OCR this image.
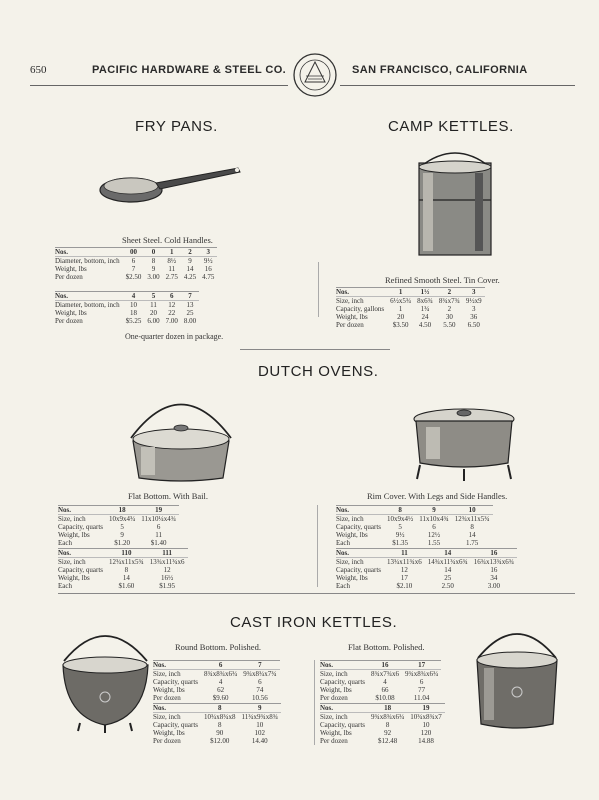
650	PACIFIC HARDWARE & STEEL CO.	SAN FRANCISCO, CALIFORNIA
FRY PANS.
Sheet Steel. Cold Handles.
Nos.	00	0	1	2	3
Diameter, bottom, inch	6	8	8½	9	9½
Weight, lbs	7	9	11	14	16
Per dozen	$2.50	3.00	2.75	4.25	4.75
Nos.	4	5	6	7
Diameter, bottom, inch	10	11	12	13
Weight, lbs	18	20	22	25
Per dozen	$5.25	6.00	7.00	8.00
One-quarter dozen in package.
CAMP KETTLES.
Refined Smooth Steel. Tin Cover.
Nos.	1	1½	2	3
Size, inch	6½x5¾	8x6¾	8¾x7¾	9½x9
Capacity, gallons	1	1¾	2	3
Weight, lbs	20	24	30	36
Per dozen	$3.50	4.50	5.50	6.50
DUTCH OVENS.
Flat Bottom. With Bail.	Rim Cover. With Legs and Side Handles.
Nos.	18	19
Size, inch	10x9x4¾	11x10¼x4¾
Capacity, quarts	5	6
Weight, lbs	9	11
Each	$1.20	$1.40
Nos.	110	111
Size, inch	12¾x11x5¾	13¾x11¾x6
Capacity, quarts	8	12
Weight, lbs	14	16½
Each	$1.60	$1.95
Nos.	8	9	10
Size, inch	10x9x4½	11x10x4¾	12¾x11x5¾
Capacity, quarts	5	6	8
Weight, lbs	9½	12½	14
Each	$1.35	1.55	1.75
Nos.	11	14	16
Size, inch	13¾x11¾x6	14¾x11¾x6¾	16¾x13¾x6¾
Capacity, quarts	12	14	16
Weight, lbs	17	25	34
Each	$2.10	2.50	3.00
CAST IRON KETTLES.
Round Bottom. Polished.
Nos.	6	7
Size, inch	8¾x8¾x6¾	9¾x8¾x7¾
Capacity, quarts	4	6
Weight, lbs	62	74
Per dozen	$9.60	10.56
Nos.	8	9
Size, inch	10¾x8¾x8	11¾x9¾x8¾
Capacity, quarts	8	10
Weight, lbs	90	102
Per dozen	$12.00	14.40
Flat Bottom. Polished.
Nos.	16	17
Size, inch	8¾x7¾x6	9¾x8¾x6¾
Capacity, quarts	4	6
Weight, lbs	66	77
Per dozen	$10.08	11.04
Nos.	18	19
Size, inch	9¾x8¾x6¾	10¾x8¾x7
Capacity, quarts	8	10
Weight, lbs	92	120
Per dozen	$12.48	14.88
